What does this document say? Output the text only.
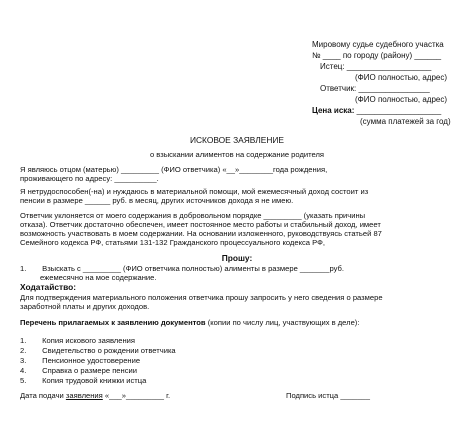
Мировому судье судебного участка
№ ____ по городу (району) ______
Истец: ___________________
(ФИО полностью, адрес)
Ответчик: ________________
(ФИО полностью, адрес)
Цена иска: ___________________
(сумма платежей за год)
ИСКОВОЕ ЗАЯВЛЕНИЕ
о взыскании алиментов на содержание родителя
Я являюсь отцом (матерью) _________ (ФИО ответчика) «__»________года рождения,
проживающего по адресу: __________.
Я нетрудоспособен(-на) и нуждаюсь в материальной помощи, мой ежемесячный доход состоит из
пенсии в размере ______ руб. в месяц, других источников дохода я не имею.
Ответчик уклоняется от моего содержания в добровольном порядке _________ (указать причины
отказа). Ответчик достаточно обеспечен, имеет постоянное место работы и стабильный доход, имеет
возможность участвовать в моем содержании. На основании изложенного, руководствуясь статьей 87
Семейного кодекса РФ, статьями 131-132 Гражданского процессуального кодекса РФ,
Прошу:
1. Взыскать с _________ (ФИО ответчика полностью) алименты в размере _______руб.
ежемесячно на мое содержание.
Ходатайство:
Для подтверждения материального положения ответчика прошу запросить у него сведения о размере
заработной платы и других доходов.
Перечень прилагаемых к заявлению документов (копии по числу лиц, участвующих в деле):
1. Копия искового заявления
2. Свидетельство о рождении ответчика
3. Пенсионное удостоверение
4. Справка о размере пенсии
5. Копия трудовой книжки истца
Дата подачи заявления «___»_________ г.	Подпись истца _______
